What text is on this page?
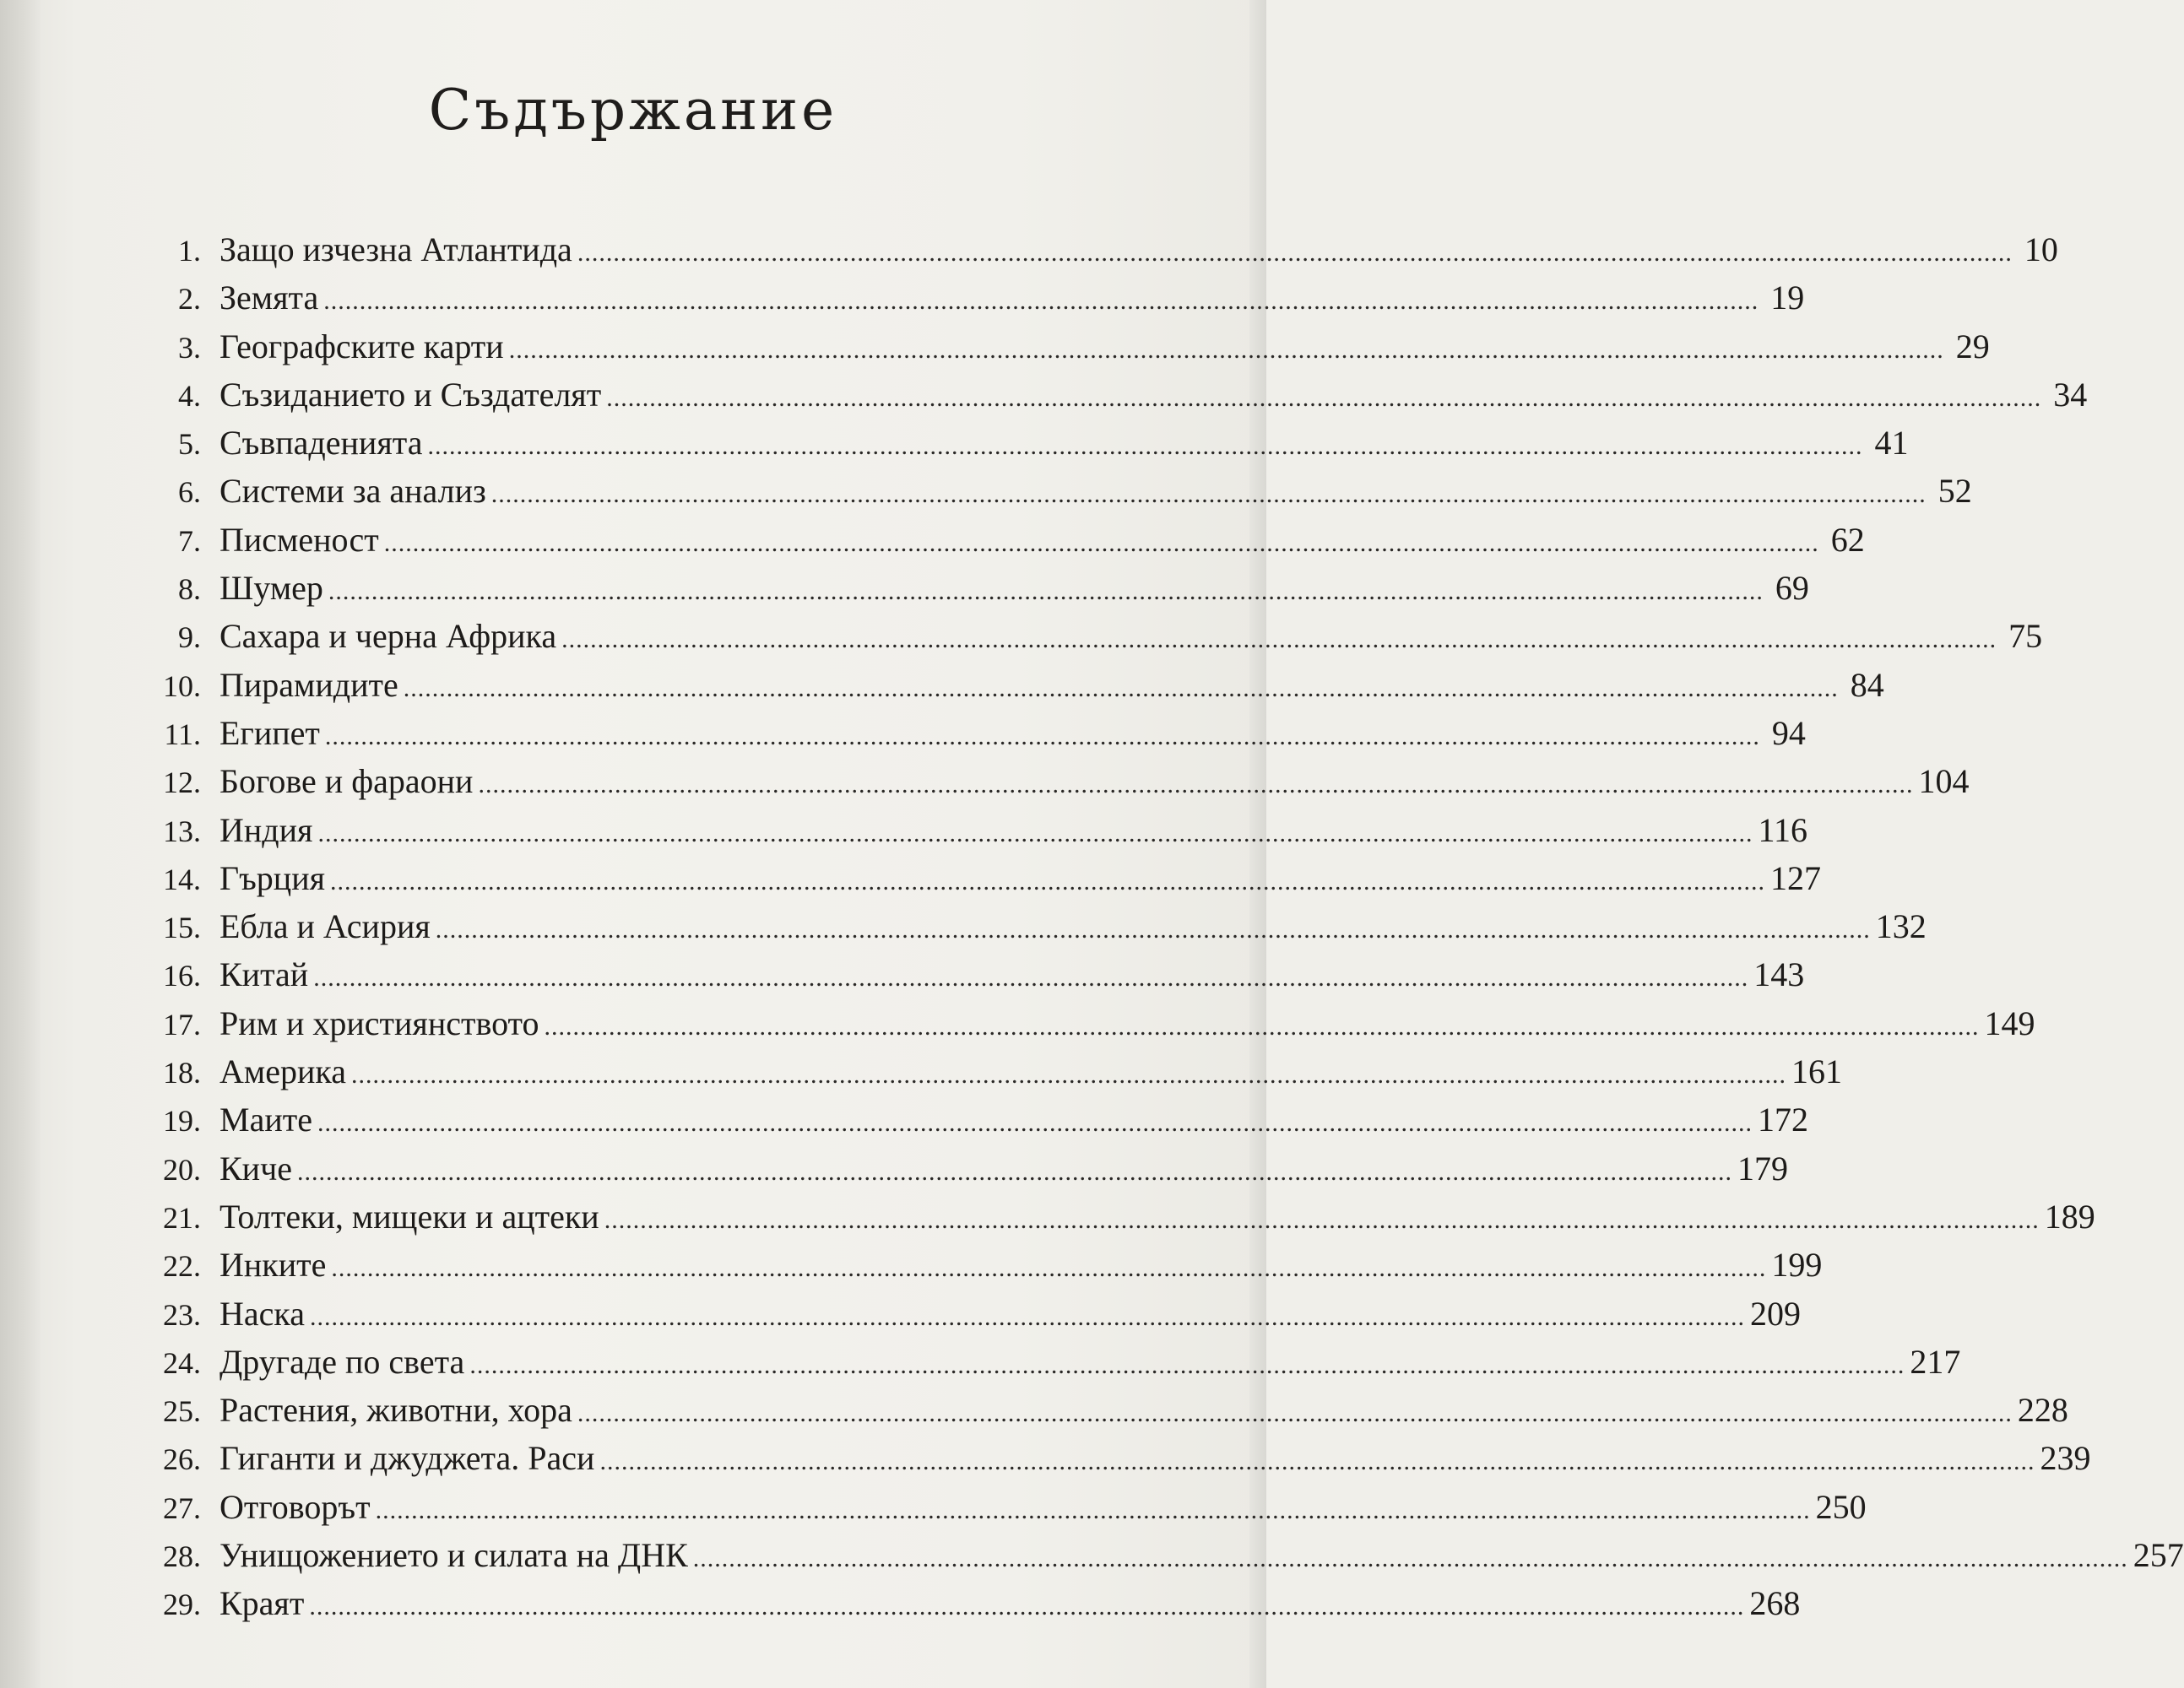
Съдържание
1. Защо изчезна Атлантида ........................................................................................................................................................................................................ 10
2. Земята ........................................................................................................................................................................................................ 19
3. Географските карти ........................................................................................................................................................................................................ 29
4. Съзиданието и Създателят ........................................................................................................................................................................................................ 34
5. Съвпаденията ........................................................................................................................................................................................................ 41
6. Системи за анализ ........................................................................................................................................................................................................ 52
7. Писменост ........................................................................................................................................................................................................ 62
8. Шумер ........................................................................................................................................................................................................ 69
9. Сахара и черна Африка ........................................................................................................................................................................................................ 75
10. Пирамидите ........................................................................................................................................................................................................ 84
11. Египет ........................................................................................................................................................................................................ 94
12. Богове и фараони ........................................................................................................................................................................................................ 104
13. Индия ........................................................................................................................................................................................................ 116
14. Гърция ........................................................................................................................................................................................................ 127
15. Ебла и Асирия ........................................................................................................................................................................................................ 132
16. Китай ........................................................................................................................................................................................................ 143
17. Рим и християнството ........................................................................................................................................................................................................ 149
18. Америка ........................................................................................................................................................................................................ 161
19. Маите ........................................................................................................................................................................................................ 172
20. Киче ........................................................................................................................................................................................................ 179
21. Толтеки, мищеки и ацтеки ........................................................................................................................................................................................................ 189
22. Инките ........................................................................................................................................................................................................ 199
23. Наска ........................................................................................................................................................................................................ 209
24. Другаде по света ........................................................................................................................................................................................................ 217
25. Растения, животни, хора ........................................................................................................................................................................................................ 228
26. Гиганти и джуджета. Раси ........................................................................................................................................................................................................ 239
27. Отговорът ........................................................................................................................................................................................................ 250
28. Унищожението и силата на ДНК ........................................................................................................................................................................................................ 257
29. Краят ........................................................................................................................................................................................................ 268
